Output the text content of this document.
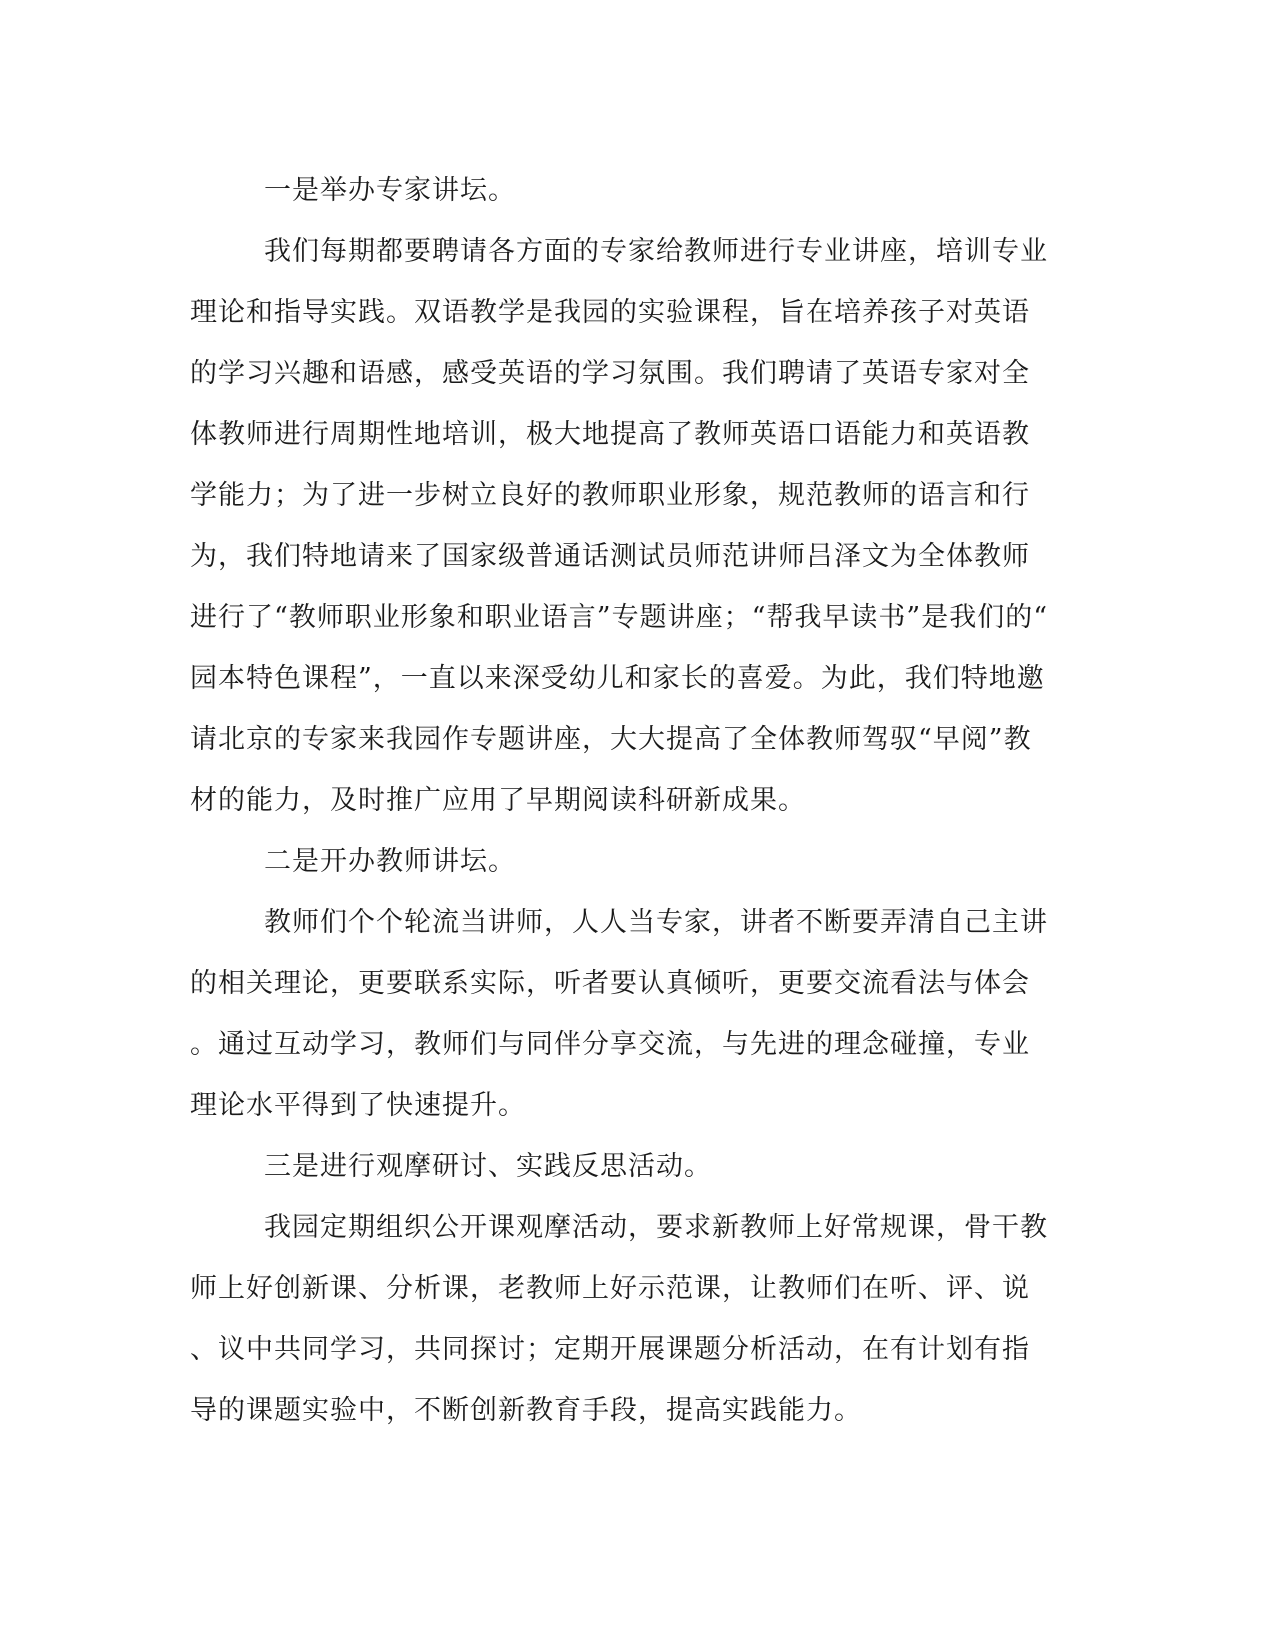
一是举办专家讲坛。
我们每期都要聘请各方面的专家给教师进行专业讲座，培训专业
理论和指导实践。双语教学是我园的实验课程，旨在培养孩子对英语
的学习兴趣和语感，感受英语的学习氛围。我们聘请了英语专家对全
体教师进行周期性地培训，极大地提高了教师英语口语能力和英语教
学能力；为了进一步树立良好的教师职业形象，规范教师的语言和行
为，我们特地请来了国家级普通话测试员师范讲师吕泽文为全体教师
进行了“教师职业形象和职业语言”专题讲座；“帮我早读书”是我们的“
园本特色课程”，一直以来深受幼儿和家长的喜爱。为此，我们特地邀
请北京的专家来我园作专题讲座，大大提高了全体教师驾驭“早阅”教
材的能力，及时推广应用了早期阅读科研新成果。
二是开办教师讲坛。
教师们个个轮流当讲师，人人当专家，讲者不断要弄清自己主讲
的相关理论，更要联系实际，听者要认真倾听，更要交流看法与体会
。通过互动学习，教师们与同伴分享交流，与先进的理念碰撞，专业
理论水平得到了快速提升。
三是进行观摩研讨、实践反思活动。
我园定期组织公开课观摩活动，要求新教师上好常规课，骨干教
师上好创新课、分析课，老教师上好示范课，让教师们在听、评、说
、议中共同学习，共同探讨；定期开展课题分析活动，在有计划有指
导的课题实验中，不断创新教育手段，提高实践能力。
